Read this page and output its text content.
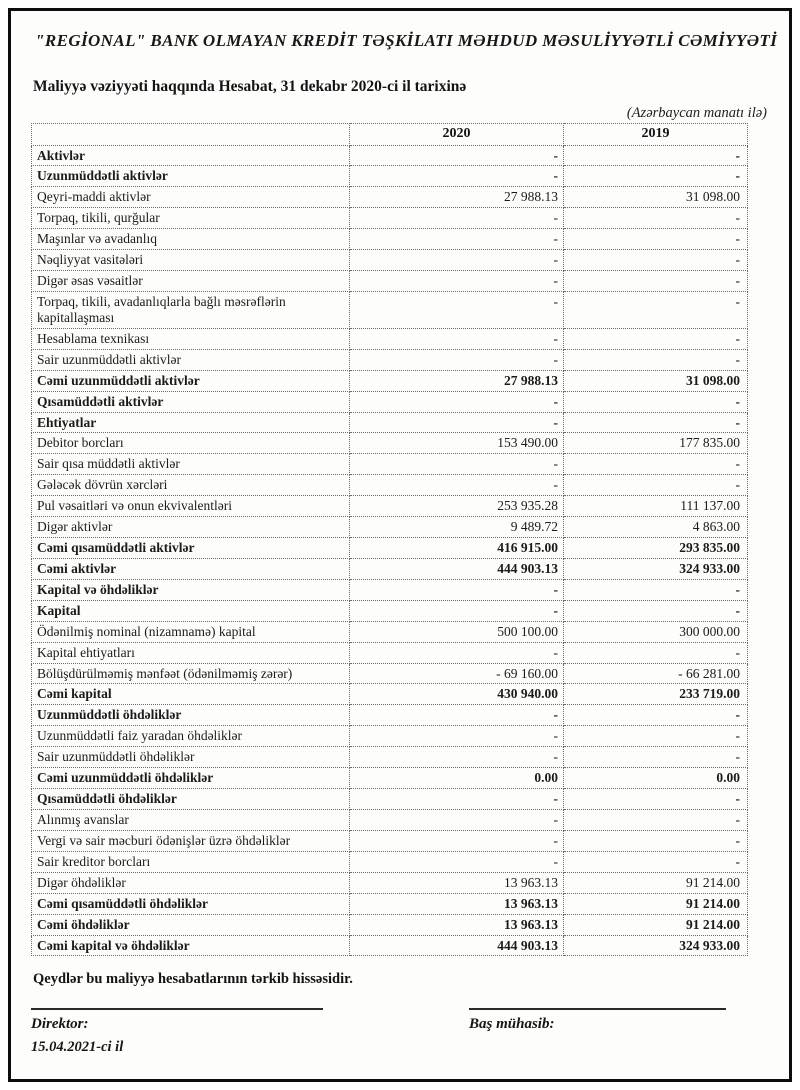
"REGİONAL" BANK OLMAYAN KREDİT TƏŞKİLATI MƏHDUD MƏSULİYYƏTLİ CƏMİYYƏTİ
Maliyyə vəziyyəti haqqında Hesabat, 31 dekabr 2020-ci il tarixinə
(Azərbaycan manatı ilə)
	2020	2019
Aktivlər	-	-
Uzunmüddətli aktivlər	-	-
Qeyri-maddi aktivlər	27 988.13	31 098.00
Torpaq, tikili, qurğular	-	-
Maşınlar və avadanlıq	-	-
Nəqliyyat vasitələri	-	-
Digər əsas vəsaitlər	-	-
Torpaq, tikili, avadanlıqlarla bağlı məsrəflərin kapitallaşması	-	-
Hesablama texnikası	-	-
Sair uzunmüddətli aktivlər	-	-
Cəmi uzunmüddətli aktivlər	27 988.13	31 098.00
Qısamüddətli aktivlər	-	-
Ehtiyatlar	-	-
Debitor borcları	153 490.00	177 835.00
Sair qısa müddətli aktivlər	-	-
Gələcək dövrün xərcləri	-	-
Pul vəsaitləri və onun ekvivalentləri	253 935.28	111 137.00
Digər aktivlər	9 489.72	4 863.00
Cəmi qısamüddətli aktivlər	416 915.00	293 835.00
Cəmi aktivlər	444 903.13	324 933.00
Kapital və öhdəliklər	-	-
Kapital	-	-
Ödənilmiş nominal (nizamnamə) kapital	500 100.00	300 000.00
Kapital ehtiyatları	-	-
Bölüşdürülməmiş mənfəət (ödənilməmiş zərər)	- 69 160.00	- 66 281.00
Cəmi kapital	430 940.00	233 719.00
Uzunmüddətli öhdəliklər	-	-
Uzunmüddətli faiz yaradan öhdəliklər	-	-
Sair uzunmüddətli öhdəliklər	-	-
Cəmi uzunmüddətli öhdəliklər	0.00	0.00
Qısamüddətli öhdəliklər	-	-
Alınmış avanslar	-	-
Vergi və sair məcburi ödənişlər üzrə öhdəliklər	-	-
Sair kreditor borcları	-	-
Digər öhdəliklər	13 963.13	91 214.00
Cəmi qısamüddətli öhdəliklər	13 963.13	91 214.00
Cəmi öhdəliklər	13 963.13	91 214.00
Cəmi kapital və öhdəliklər	444 903.13	324 933.00
Qeydlər bu maliyyə hesabatlarının tərkib hissəsidir.
Direktor:
15.04.2021-ci il
Baş mühasib:
